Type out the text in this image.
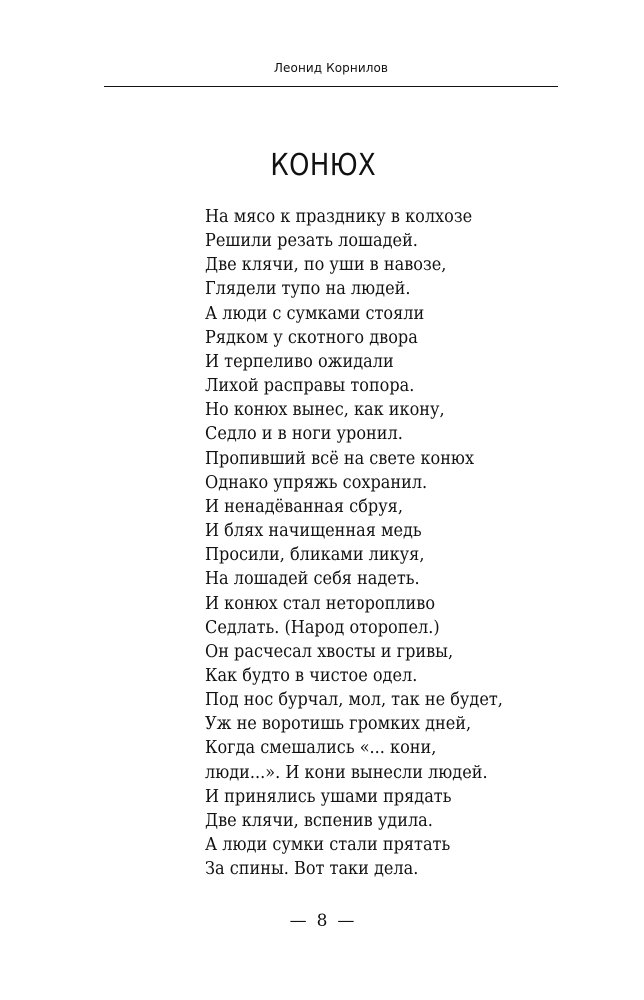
Леонид Корнилов
КОНЮХ
На мясо к празднику в колхозе
Решили резать лошадей.
Две клячи, по уши в навозе,
Глядели тупо на людей.
А люди с сумками стояли
Рядком у скотного двора
И терпеливо ожидали
Лихой расправы топора.
Но конюх вынес, как икону,
Седло и в ноги уронил.
Пропивший всё на свете конюх
Однако упряжь сохранил.
И ненадёванная сбруя,
И блях начищенная медь
Просили, бликами ликуя,
На лошадей себя надеть.
И конюх стал неторопливо
Седлать. (Народ оторопел.)
Он расчесал хвосты и гривы,
Как будто в чистое одел.
Под нос бурчал, мол, так не будет,
Уж не воротишь громких дней,
Когда смешались «... кони,
люди...». И кони вынесли людей.
И принялись ушами прядать
Две клячи, вспенив удила.
А люди сумки стали прятать
За спины. Вот таки дела.
— 8 —
